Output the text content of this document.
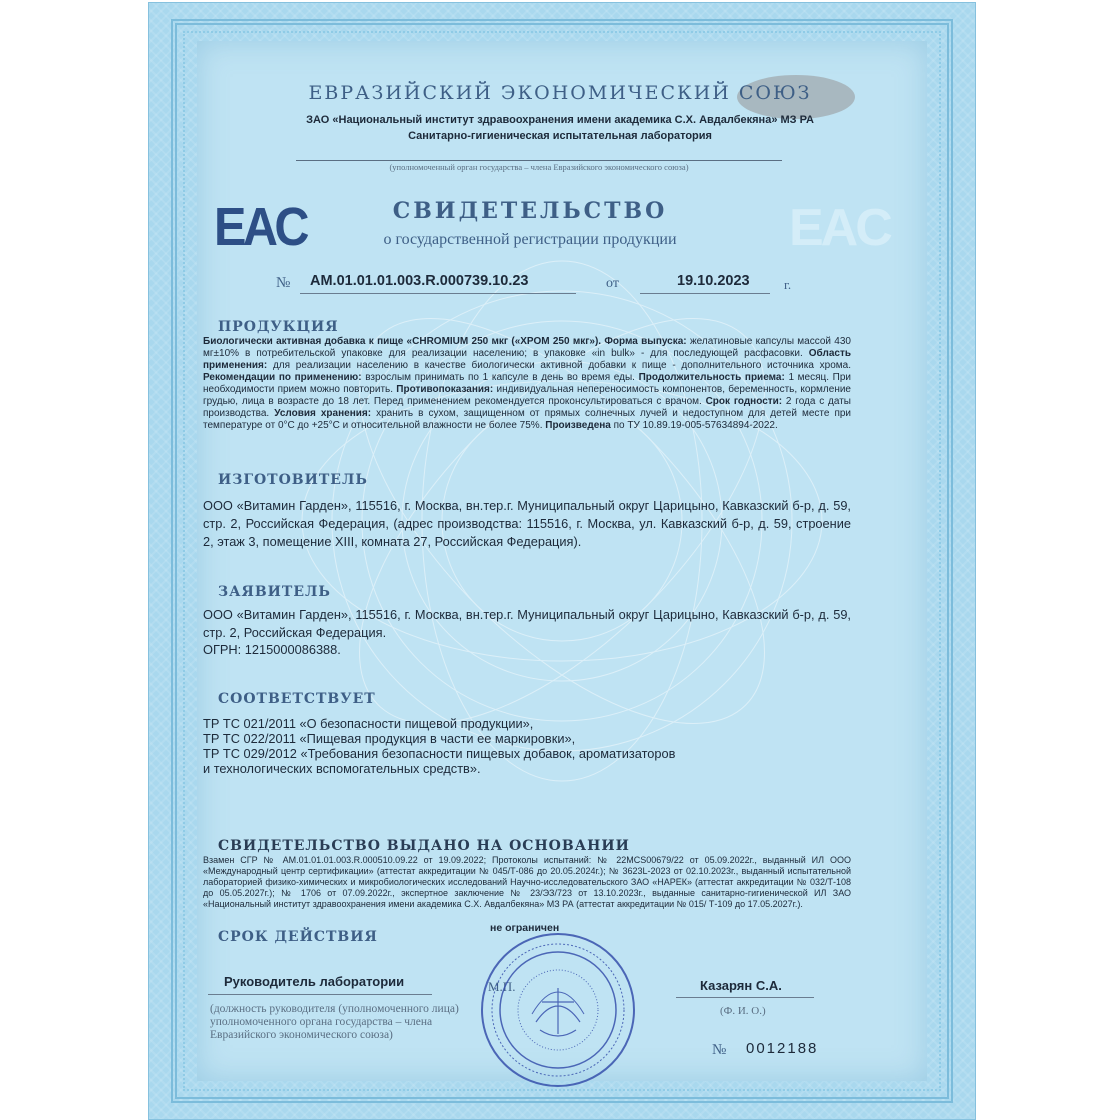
EAC
ЕВРАЗИЙСКИЙ ЭКОНОМИЧЕСКИЙ СОЮЗ
ЗАО «Национальный институт здравоохранения имени академика С.Х. Авдалбекяна» МЗ РА
Санитарно-гигиеническая испытательная лаборатория
(уполномоченный орган государства – члена Евразийского экономического союза)
EAC	СВИДЕТЕЛЬСТВО
о государственной регистрации продукции
№ AM.01.01.01.003.R.000739.10.23	от	19.10.2023	г.
ПРОДУКЦИЯ
Биологически активная добавка к пище «CHROMIUM 250 мкг («ХРОМ 250 мкг»). Форма выпуска: желатиновые капсулы массой 430 мг±10% в потребительской упаковке для реализации населению; в упаковке «in bulk» - для последующей расфасовки. Область применения: для реализации населению в качестве биологически активной добавки к пище - дополнительного источника хрома. Рекомендации по применению: взрослым принимать по 1 капсуле в день во время еды. Продолжительность приема: 1 месяц. При необходимости прием можно повторить. Противопоказания: индивидуальная непереносимость компонентов, беременность, кормление грудью, лица в возрасте до 18 лет. Перед применением рекомендуется проконсультироваться с врачом. Срок годности: 2 года с даты производства. Условия хранения: хранить в сухом, защищенном от прямых солнечных лучей и недоступном для детей месте при температуре от 0°С до +25°С и относительной влажности не более 75%. Произведена по ТУ 10.89.19-005-57634894-2022.
ИЗГОТОВИТЕЛЬ
ООО «Витамин Гарден», 115516, г. Москва, вн.тер.г. Муниципальный округ Царицыно, Кавказский б-р, д. 59, стр. 2, Российская Федерация, (адрес производства: 115516, г. Москва, ул. Кавказский б-р, д. 59, строение 2, этаж 3, помещение XIII, комната 27, Российская Федерация).
ЗАЯВИТЕЛЬ
ООО «Витамин Гарден», 115516, г. Москва, вн.тер.г. Муниципальный округ Царицыно, Кавказский б-р, д. 59, стр. 2, Российская Федерация.
ОГРН: 1215000086388.
СООТВЕТСТВУЕТ
ТР ТС 021/2011 «О безопасности пищевой продукции»,
ТР ТС 022/2011 «Пищевая продукция в части ее маркировки»,
ТР ТС 029/2012 «Требования безопасности пищевых добавок, ароматизаторов
и технологических вспомогательных средств».
СВИДЕТЕЛЬСТВО ВЫДАНО НА ОСНОВАНИИ
Взамен СГР № AM.01.01.01.003.R.000510.09.22 от 19.09.2022; Протоколы испытаний: № 22MCS00679/22 от 05.09.2022г., выданный ИЛ ООО «Международный центр сертификации» (аттестат аккредитации № 045/Т-086 до 20.05.2024г.); № 3623L-2023 от 02.10.2023г., выданный испытательной лабораторией физико-химических и микробиологических исследований Научно-исследовательского ЗАО «НАРЕК» (аттестат аккредитации № 032/Т-108 до 05.05.2027г.); № 1706 от 07.09.2022г., экспертное заключение № 23/ЭЗ/723 от 13.10.2023г., выданные санитарно-гигиенической ИЛ ЗАО «Национальный институт здравоохранения имени академика С.Х. Авдалбекяна» МЗ РА (аттестат аккредитации № 015/ Т-109 до 17.05.2027г.).
СРОК ДЕЙСТВИЯ
не ограничен
Руководитель лаборатории	М.П.	Казарян С.А.
(Ф. И. О.)
(должность руководителя (уполномоченного лица) уполномоченного органа государства – члена Евразийского экономического союза)
№ 0012188
